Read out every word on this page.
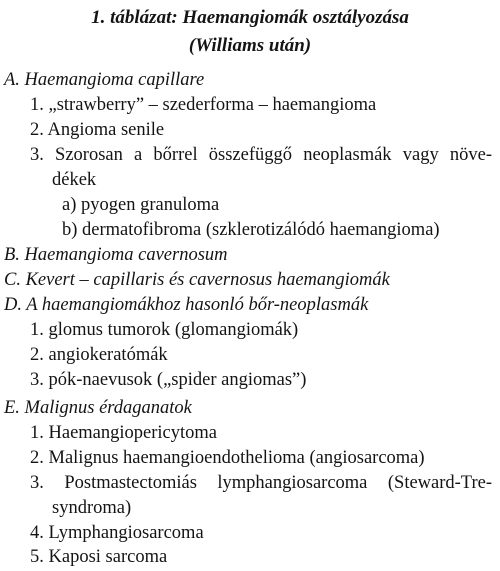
1. táblázat: Haemangiomák osztályozása
(Williams után)
A. Haemangioma capillare
1. „strawberry” – szederforma – haemangioma
2. Angioma senile
3. Szorosan a bőrrel összefüggő neoplasmák vagy növe-
dékek
a) pyogen granuloma
b) dermatofibroma (szklerotizálódó haemangioma)
B. Haemangioma cavernosum
C. Kevert – capillaris és cavernosus haemangiomák
D. A haemangiomákhoz hasonló bőr-neoplasmák
1. glomus tumorok (glomangiomák)
2. angiokeratómák
3. pók-naevusok („spider angiomas”)
E. Malignus érdaganatok
1. Haemangiopericytoma
2. Malignus haemangioendothelioma (angiosarcoma)
3. Postmastectomiás lymphangiosarcoma (Steward-Tre-
syndroma)
4. Lymphangiosarcoma
5. Kaposi sarcoma
